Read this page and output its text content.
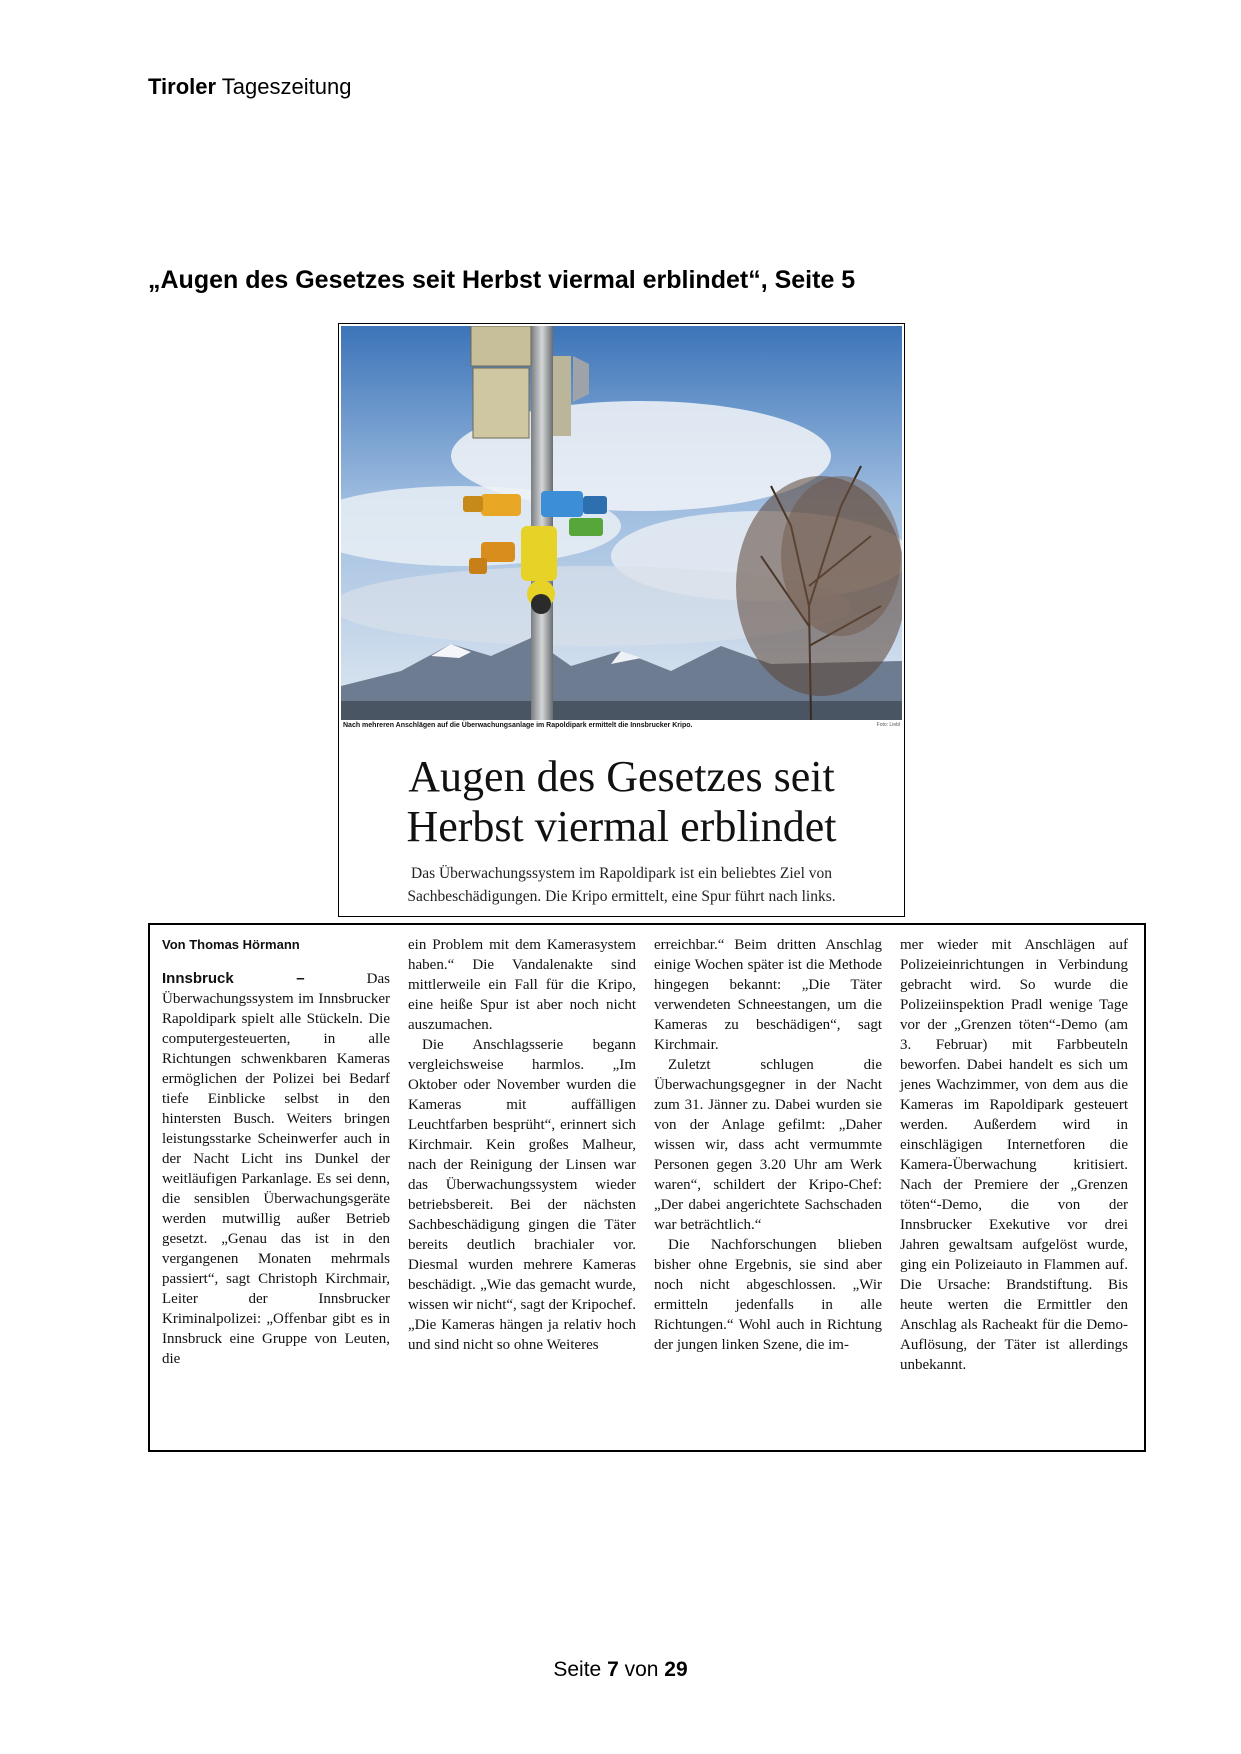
Tiroler Tageszeitung
„Augen des Gesetzes seit Herbst viermal erblindet“, Seite 5
Nach mehreren Anschlägen auf die Überwachungsanlage im Rapoldipark ermittelt die Innsbrucker Kripo.	Foto: Liebl
Augen des Gesetzes seit
Herbst viermal erblindet
Das Überwachungssystem im Rapoldipark ist ein beliebtes Ziel von
Sachbeschädigungen. Die Kripo ermittelt, eine Spur führt nach links.
Von Thomas Hörmann

Innsbruck – Das Überwachungssystem im Innsbrucker Rapoldipark spielt alle Stückeln. Die computergesteuerten, in alle Richtungen schwenkbaren Kameras ermöglichen der Polizei bei Bedarf tiefe Einblicke selbst in den hintersten Busch. Weiters bringen leistungsstarke Scheinwerfer auch in der Nacht Licht ins Dunkel der weitläufigen Parkanlage. Es sei denn, die sensiblen Überwachungsgeräte werden mutwillig außer Betrieb gesetzt. „Genau das ist in den vergangenen Monaten mehrmals passiert“, sagt Christoph Kirchmair, Leiter der Innsbrucker Kriminalpolizei: „Offenbar gibt es in Innsbruck eine Gruppe von Leuten, die

ein Problem mit dem Kamerasystem haben.“ Die Vandalenakte sind mittlerweile ein Fall für die Kripo, eine heiße Spur ist aber noch nicht auszumachen.

Die Anschlagsserie begann vergleichsweise harmlos. „Im Oktober oder November wurden die Kameras mit auffälligen Leuchtfarben besprüht“, erinnert sich Kirchmair. Kein großes Malheur, nach der Reinigung der Linsen war das Überwachungssystem wieder betriebsbereit. Bei der nächsten Sachbeschädigung gingen die Täter bereits deutlich brachialer vor. Diesmal wurden mehrere Kameras beschädigt. „Wie das gemacht wurde, wissen wir nicht“, sagt der Kripochef. „Die Kameras hängen ja relativ hoch und sind nicht so ohne Weiteres

erreichbar.“ Beim dritten Anschlag einige Wochen später ist die Methode hingegen bekannt: „Die Täter verwendeten Schneestangen, um die Kameras zu beschädigen“, sagt Kirchmair.

Zuletzt schlugen die Überwachungsgegner in der Nacht zum 31. Jänner zu. Dabei wurden sie von der Anlage gefilmt: „Daher wissen wir, dass acht vermummte Personen gegen 3.20 Uhr am Werk waren“, schildert der Kripo-Chef: „Der dabei angerichtete Sachschaden war beträchtlich.“

Die Nachforschungen blieben bisher ohne Ergebnis, sie sind aber noch nicht abgeschlossen. „Wir ermitteln jedenfalls in alle Richtungen.“ Wohl auch in Richtung der jungen linken Szene, die im-

mer wieder mit Anschlägen auf Polizeieinrichtungen in Verbindung gebracht wird. So wurde die Polizeiinspektion Pradl wenige Tage vor der „Grenzen töten“-Demo (am 3. Februar) mit Farbbeuteln beworfen. Dabei handelt es sich um jenes Wachzimmer, von dem aus die Kameras im Rapoldipark gesteuert werden. Außerdem wird in einschlägigen Internetforen die Kamera-Überwachung kritisiert. Nach der Premiere der „Grenzen töten“-Demo, die von der Innsbrucker Exekutive vor drei Jahren gewaltsam aufgelöst wurde, ging ein Polizeiauto in Flammen auf. Die Ursache: Brandstiftung. Bis heute werten die Ermittler den Anschlag als Racheakt für die Demo-Auflösung, der Täter ist allerdings unbekannt.

Seite 7 von 29
